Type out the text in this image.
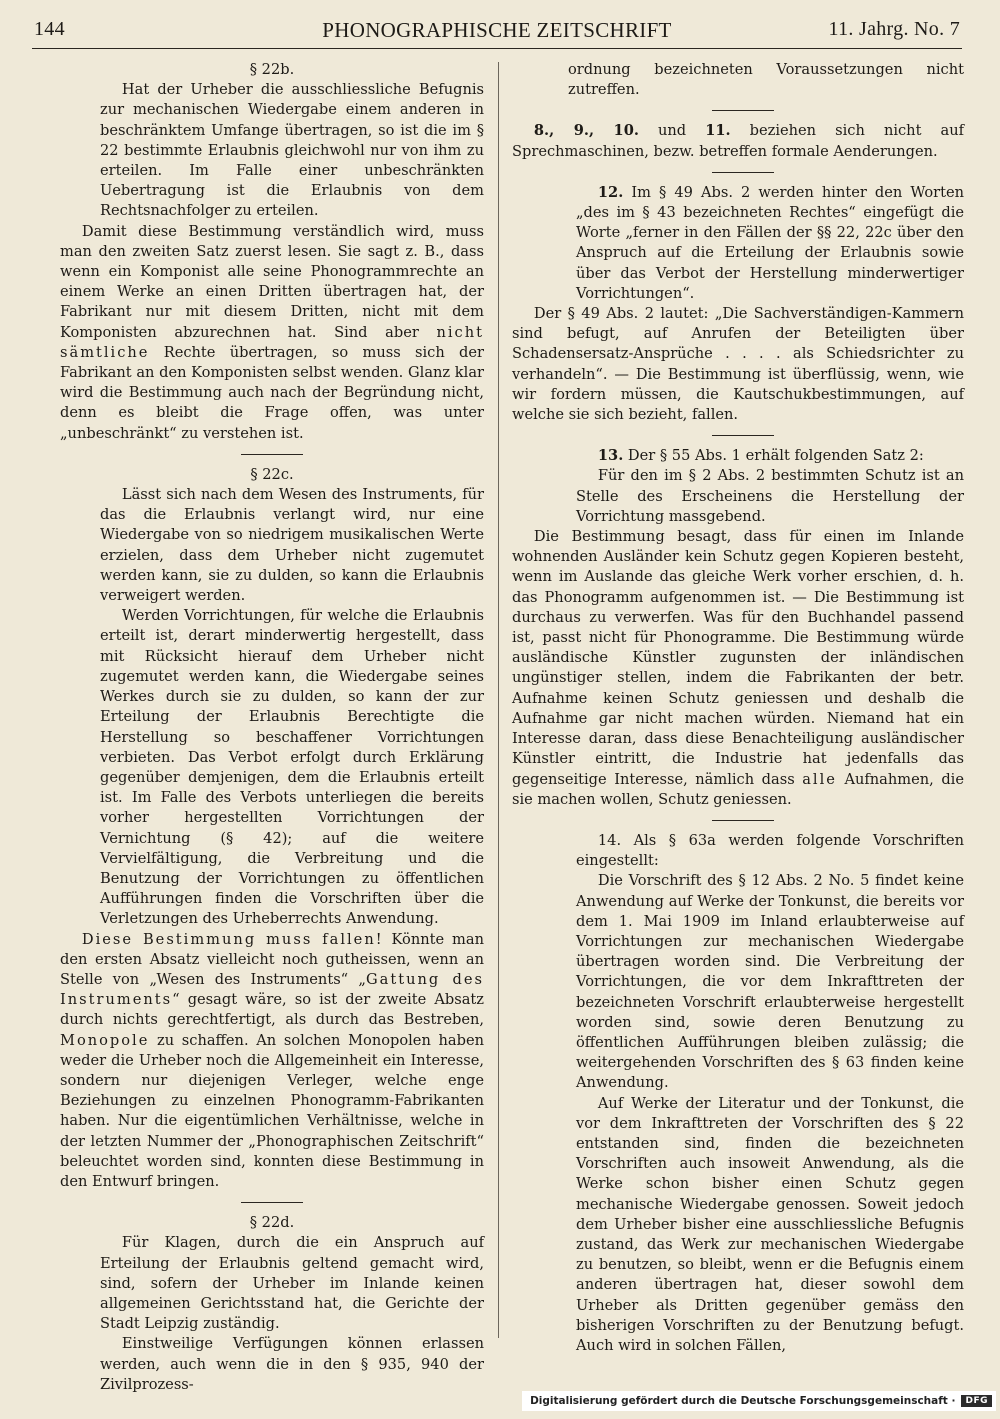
144	PHONOGRAPHISCHE ZEITSCHRIFT	11. Jahrg. No. 7

§ 22b.

Hat der Urheber die ausschliessliche Befugnis zur mechanischen Wiedergabe einem anderen in beschränktem Umfange übertragen, so ist die im § 22 bestimmte Erlaubnis gleichwohl nur von ihm zu erteilen. Im Falle einer unbeschränkten Uebertragung ist die Erlaubnis von dem Rechtsnachfolger zu erteilen.

Damit diese Bestimmung verständlich wird, muss man den zweiten Satz zuerst lesen. Sie sagt z. B., dass wenn ein Komponist alle seine Phonogrammrechte an einem Werke an einen Dritten übertragen hat, der Fabrikant nur mit diesem Dritten, nicht mit dem Komponisten abzurechnen hat. Sind aber nicht sämtliche Rechte übertragen, so muss sich der Fabrikant an den Komponisten selbst wenden. Glanz klar wird die Bestimmung auch nach der Begründung nicht, denn es bleibt die Frage offen, was unter „unbeschränkt“ zu verstehen ist.

§ 22c.

Lässt sich nach dem Wesen des Instruments, für das die Erlaubnis verlangt wird, nur eine Wiedergabe von so niedrigem musikalischen Werte erzielen, dass dem Urheber nicht zugemutet werden kann, sie zu dulden, so kann die Erlaubnis verweigert werden.

Werden Vorrichtungen, für welche die Erlaubnis erteilt ist, derart minderwertig hergestellt, dass mit Rücksicht hierauf dem Urheber nicht zugemutet werden kann, die Wiedergabe seines Werkes durch sie zu dulden, so kann der zur Erteilung der Erlaubnis Berechtigte die Herstellung so beschaffener Vorrichtungen verbieten. Das Verbot erfolgt durch Erklärung gegenüber demjenigen, dem die Erlaubnis erteilt ist. Im Falle des Verbots unterliegen die bereits vorher hergestellten Vorrichtungen der Vernichtung (§ 42); auf die weitere Vervielfältigung, die Verbreitung und die Benutzung der Vorrichtungen zu öffentlichen Aufführungen finden die Vorschriften über die Verletzungen des Urheberrechts Anwendung.

Diese Bestimmung muss fallen! Könnte man den ersten Absatz vielleicht noch gutheissen, wenn an Stelle von „Wesen des Instruments“ „Gattung des Instruments“ gesagt wäre, so ist der zweite Absatz durch nichts gerechtfertigt, als durch das Bestreben, Monopole zu schaffen. An solchen Monopolen haben weder die Urheber noch die Allgemeinheit ein Interesse, sondern nur diejenigen Verleger, welche enge Beziehungen zu einzelnen Phonogramm-Fabrikanten haben. Nur die eigentümlichen Verhältnisse, welche in der letzten Nummer der „Phonographischen Zeitschrift“ beleuchtet worden sind, konnten diese Bestimmung in den Entwurf bringen.

§ 22d.

Für Klagen, durch die ein Anspruch auf Erteilung der Erlaubnis geltend gemacht wird, sind, sofern der Urheber im Inlande keinen allgemeinen Gerichtsstand hat, die Gerichte der Stadt Leipzig zuständig.

Einstweilige Verfügungen können erlassen werden, auch wenn die in den § 935, 940 der Zivilprozess-

ordnung bezeichneten Voraussetzungen nicht zutreffen.

8., 9., 10. und 11. beziehen sich nicht auf Sprechmaschinen, bezw. betreffen formale Aenderungen.

12. Im § 49 Abs. 2 werden hinter den Worten „des im § 43 bezeichneten Rechtes“ eingefügt die Worte „ferner in den Fällen der §§ 22, 22c über den Anspruch auf die Erteilung der Erlaubnis sowie über das Verbot der Herstellung minderwertiger Vorrichtungen“.

Der § 49 Abs. 2 lautet: „Die Sachverständigen-Kammern sind befugt, auf Anrufen der Beteiligten über Schadensersatz-Ansprüche . . . . als Schiedsrichter zu verhandeln“. — Die Bestimmung ist überflüssig, wenn, wie wir fordern müssen, die Kautschukbestimmungen, auf welche sie sich bezieht, fallen.

13. Der § 55 Abs. 1 erhält folgenden Satz 2:

Für den im § 2 Abs. 2 bestimmten Schutz ist an Stelle des Erscheinens die Herstellung der Vorrichtung massgebend.

Die Bestimmung besagt, dass für einen im Inlande wohnenden Ausländer kein Schutz gegen Kopieren besteht, wenn im Auslande das gleiche Werk vorher erschien, d. h. das Phonogramm aufgenommen ist. — Die Bestimmung ist durchaus zu verwerfen. Was für den Buchhandel passend ist, passt nicht für Phonogramme. Die Bestimmung würde ausländische Künstler zugunsten der inländischen ungünstiger stellen, indem die Fabrikanten der betr. Aufnahme keinen Schutz geniessen und deshalb die Aufnahme gar nicht machen würden. Niemand hat ein Interesse daran, dass diese Benachteiligung ausländischer Künstler eintritt, die Industrie hat jedenfalls das gegenseitige Interesse, nämlich dass alle Aufnahmen, die sie machen wollen, Schutz geniessen.

14. Als § 63a werden folgende Vorschriften eingestellt:

Die Vorschrift des § 12 Abs. 2 No. 5 findet keine Anwendung auf Werke der Tonkunst, die bereits vor dem 1. Mai 1909 im Inland erlaubterweise auf Vorrichtungen zur mechanischen Wiedergabe übertragen worden sind. Die Verbreitung der Vorrichtungen, die vor dem Inkrafttreten der bezeichneten Vorschrift erlaubterweise hergestellt worden sind, sowie deren Benutzung zu öffentlichen Aufführungen bleiben zulässig; die weitergehenden Vorschriften des § 63 finden keine Anwendung.

Auf Werke der Literatur und der Tonkunst, die vor dem Inkrafttreten der Vorschriften des § 22 entstanden sind, finden die bezeichneten Vorschriften auch insoweit Anwendung, als die Werke schon bisher einen Schutz gegen mechanische Wiedergabe genossen. Soweit jedoch dem Urheber bisher eine ausschliessliche Befugnis zustand, das Werk zur mechanischen Wiedergabe zu benutzen, so bleibt, wenn er die Befugnis einem anderen übertragen hat, dieser sowohl dem Urheber als Dritten gegenüber gemäss den bisherigen Vorschriften zu der Benutzung befugt. Auch wird in solchen Fällen,

Digitalisierung gefördert durch die Deutsche Forschungsgemeinschaft ·	DFG
